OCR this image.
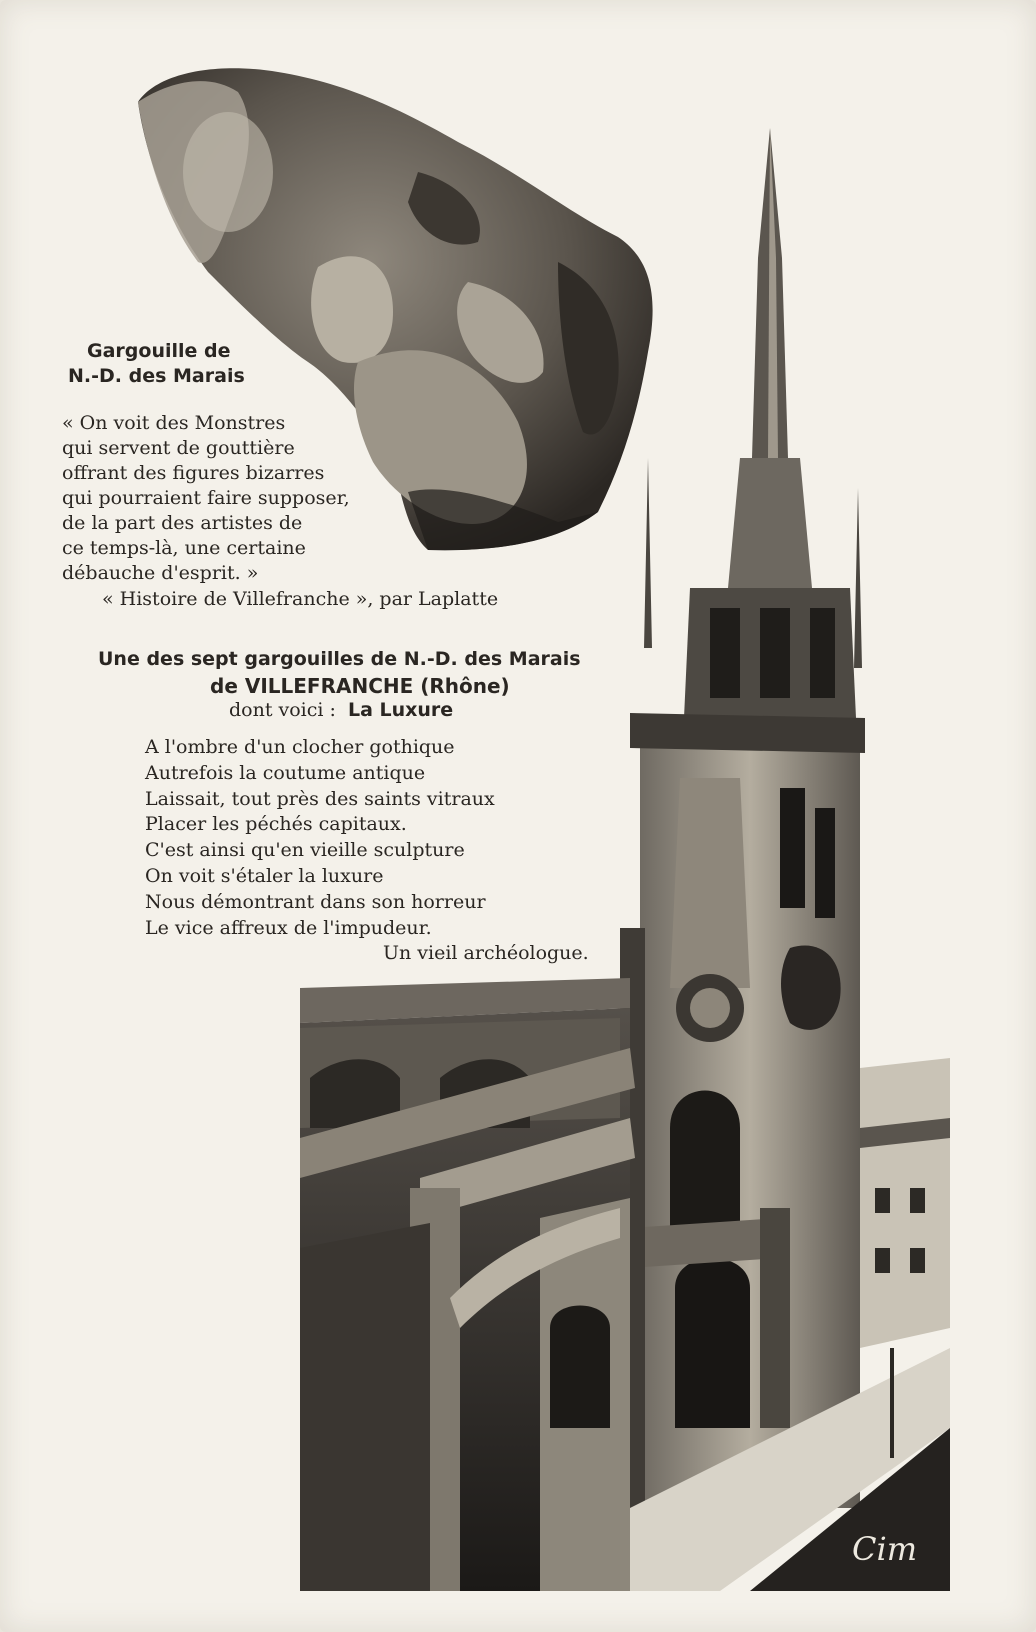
Cim
Gargouille de
N.-D. des Marais
« On voit des Monstres
qui servent de gouttière
offrant des figures bizarres
qui pourraient faire supposer,
de la part des artistes de
ce temps-là, une certaine
débauche d'esprit. »
« Histoire de Villefranche », par Laplatte
Une des sept gargouilles de N.-D. des Marais
de VILLEFRANCHE (Rhône)
dont voici : La Luxure
A l'ombre d'un clocher gothique
Autrefois la coutume antique
Laissait, tout près des saints vitraux
Placer les péchés capitaux.
C'est ainsi qu'en vieille sculpture
On voit s'étaler la luxure
Nous démontrant dans son horreur
Le vice affreux de l'impudeur.
Un vieil archéologue.
